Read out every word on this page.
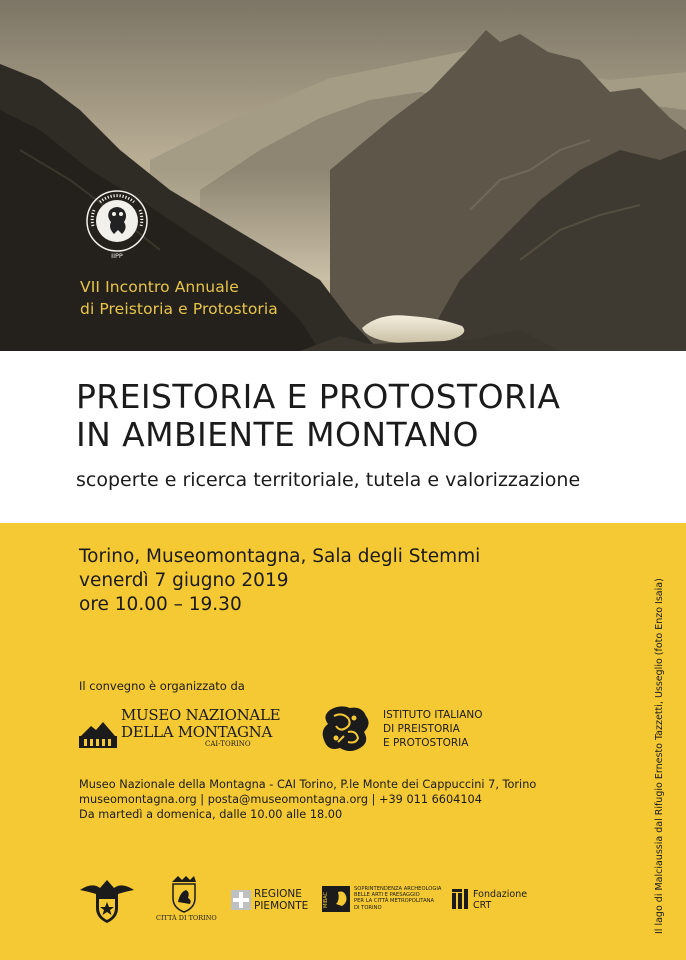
IIPP
VII Incontro Annuale
di Preistoria e Protostoria
PREISTORIA E PROTOSTORIA
IN AMBIENTE MONTANO
scoperte e ricerca territoriale, tutela e valorizzazione
Torino, Museomontagna, Sala degli Stemmi
venerdì 7 giugno 2019
ore 10.00 – 19.30
Il convegno è organizzato da
MUSEO NAZIONALE
DELLA MONTAGNA
CAI-TORINO
ISTITUTO ITALIANO
DI PREISTORIA
E PROTOSTORIA
Museo Nazionale della Montagna - CAI Torino, P.le Monte dei Cappuccini 7, Torino
museomontagna.org | posta@museomontagna.org | +39 011 6604104
Da martedì a domenica, dalle 10.00 alle 18.00	Il lago di Malciaussia dal Rifugio Ernesto Tazzetti, Usseglio (foto Enzo Isaia)
CITTÀ DI TORINO
REGIONE
PIEMONTE	MIBAC
SOPRINTENDENZA ARCHEOLOGIA
BELLE ARTI E PAESAGGIO
PER LA CITTÀ METROPOLITANA
DI TORINO
Fondazione
CRT
